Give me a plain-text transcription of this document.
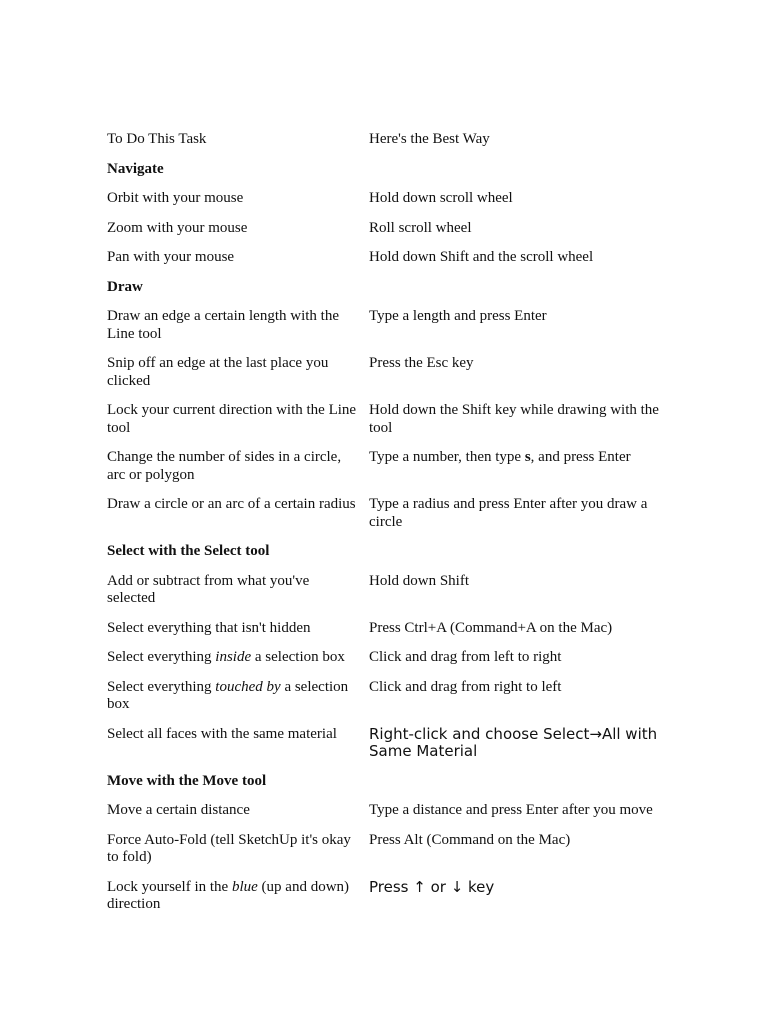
To Do This Task	Here's the Best Way
Navigate	
Orbit with your mouse	Hold down scroll wheel
Zoom with your mouse	Roll scroll wheel
Pan with your mouse	Hold down Shift and the scroll wheel
Draw	
Draw an edge a certain length with the Line tool	Type a length and press Enter
Snip off an edge at the last place you clicked	Press the Esc key
Lock your current direction with the Line tool	Hold down the Shift key while drawing with the tool
Change the number of sides in a circle, arc or polygon	Type a number, then type s, and press Enter
Draw a circle or an arc of a certain radius	Type a radius and press Enter after you draw a circle
Select with the Select tool	
Add or subtract from what you've selected	Hold down Shift
Select everything that isn't hidden	Press Ctrl+A (Command+A on the Mac)
Select everything inside a selection box	Click and drag from left to right
Select everything touched by a selection box	Click and drag from right to left
Select all faces with the same material	Right-click and choose Select→All with Same Material
Move with the Move tool	
Move a certain distance	Type a distance and press Enter after you move
Force Auto-Fold (tell SketchUp it's okay to fold)	Press Alt (Command on the Mac)
Lock yourself in the blue (up and down) direction	Press ↑ or ↓ key
